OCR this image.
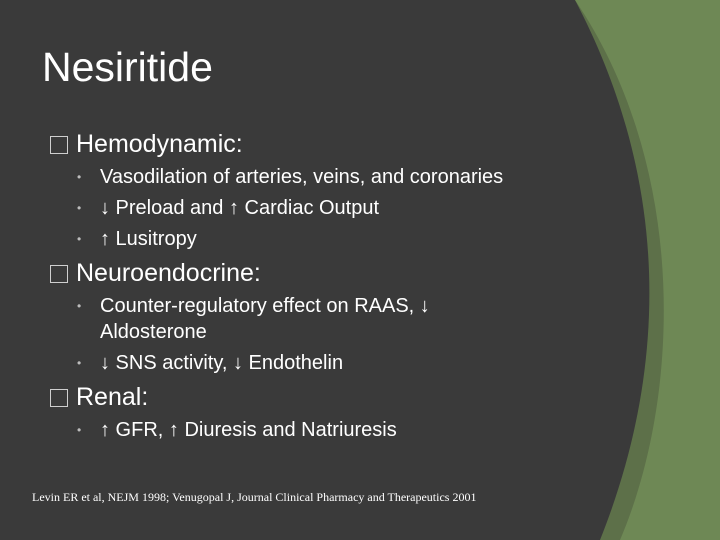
Nesiritide
Hemodynamic:
• Vasodilation of arteries, veins, and coronaries
• ↓ Preload and ↑ Cardiac Output
• ↑ Lusitropy
Neuroendocrine:
• Counter-regulatory effect on RAAS, ↓ Aldosterone
• ↓ SNS activity, ↓ Endothelin
Renal:
• ↑ GFR, ↑ Diuresis and Natriuresis
Levin ER et al, NEJM 1998; Venugopal J, Journal Clinical Pharmacy and Therapeutics 2001
